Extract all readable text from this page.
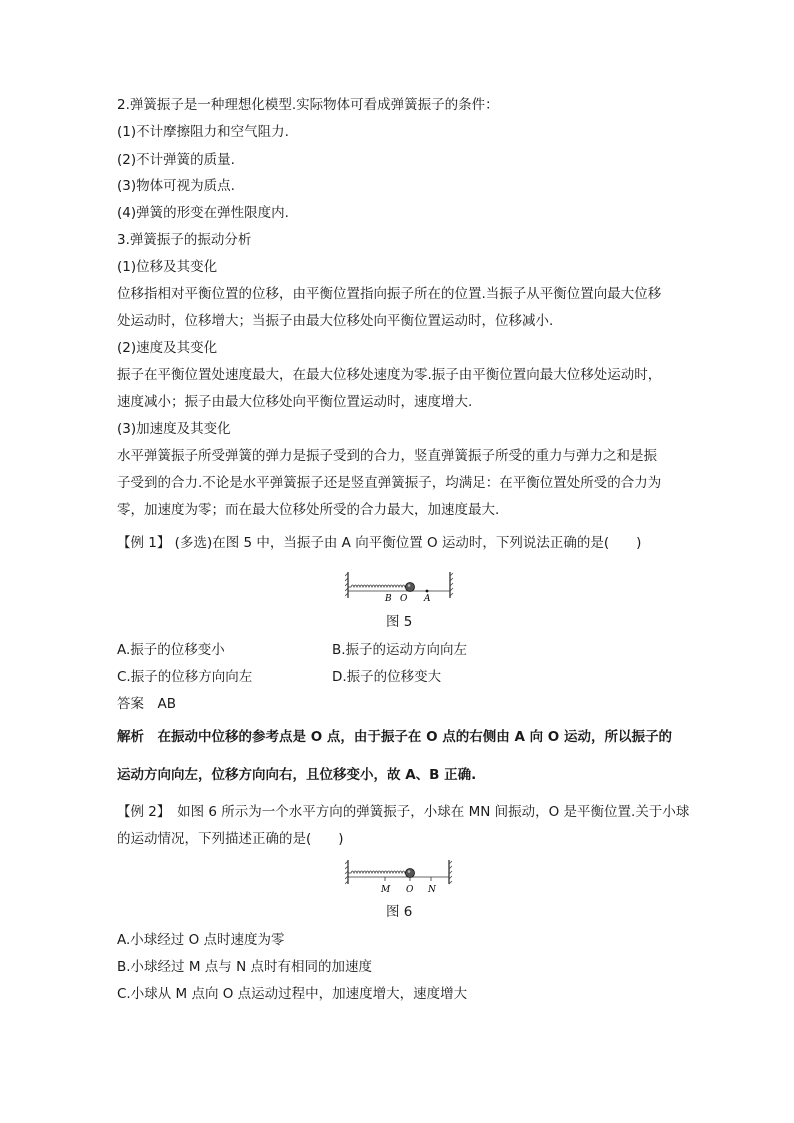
2.弹簧振子是一种理想化模型.实际物体可看成弹簧振子的条件：
(1)不计摩擦阻力和空气阻力.
(2)不计弹簧的质量.
(3)物体可视为质点.
(4)弹簧的形变在弹性限度内.
3.弹簧振子的振动分析
(1)位移及其变化
位移指相对平衡位置的位移，由平衡位置指向振子所在的位置.当振子从平衡位置向最大位移
处运动时，位移增大；当振子由最大位移处向平衡位置运动时，位移减小.
(2)速度及其变化
振子在平衡位置处速度最大，在最大位移处速度为零.振子由平衡位置向最大位移处运动时，
速度减小；振子由最大位移处向平衡位置运动时，速度增大.
(3)加速度及其变化
水平弹簧振子所受弹簧的弹力是振子受到的合力，竖直弹簧振子所受的重力与弹力之和是振
子受到的合力.不论是水平弹簧振子还是竖直弹簧振子，均满足：在平衡位置处所受的合力为
零，加速度为零；而在最大位移处所受的合力最大，加速度最大.
【例 1】 (多选)在图 5 中，当振子由 A 向平衡位置 O 运动时，下列说法正确的是(　　)
B O A
图 5
A.振子的位移变小	B.振子的运动方向向左
C.振子的位移方向向左	D.振子的位移变大
答案　AB
解析　在振动中位移的参考点是 O 点，由于振子在 O 点的右侧由 A 向 O 运动，所以振子的
运动方向向左，位移方向向右，且位移变小，故 A、B 正确.
【例 2】　如图 6 所示为一个水平方向的弹簧振子，小球在 MN 间振动，O 是平衡位置.关于小球
的运动情况，下列描述正确的是(　　)
M O N
图 6
A.小球经过 O 点时速度为零
B.小球经过 M 点与 N 点时有相同的加速度
C.小球从 M 点向 O 点运动过程中，加速度增大，速度增大
